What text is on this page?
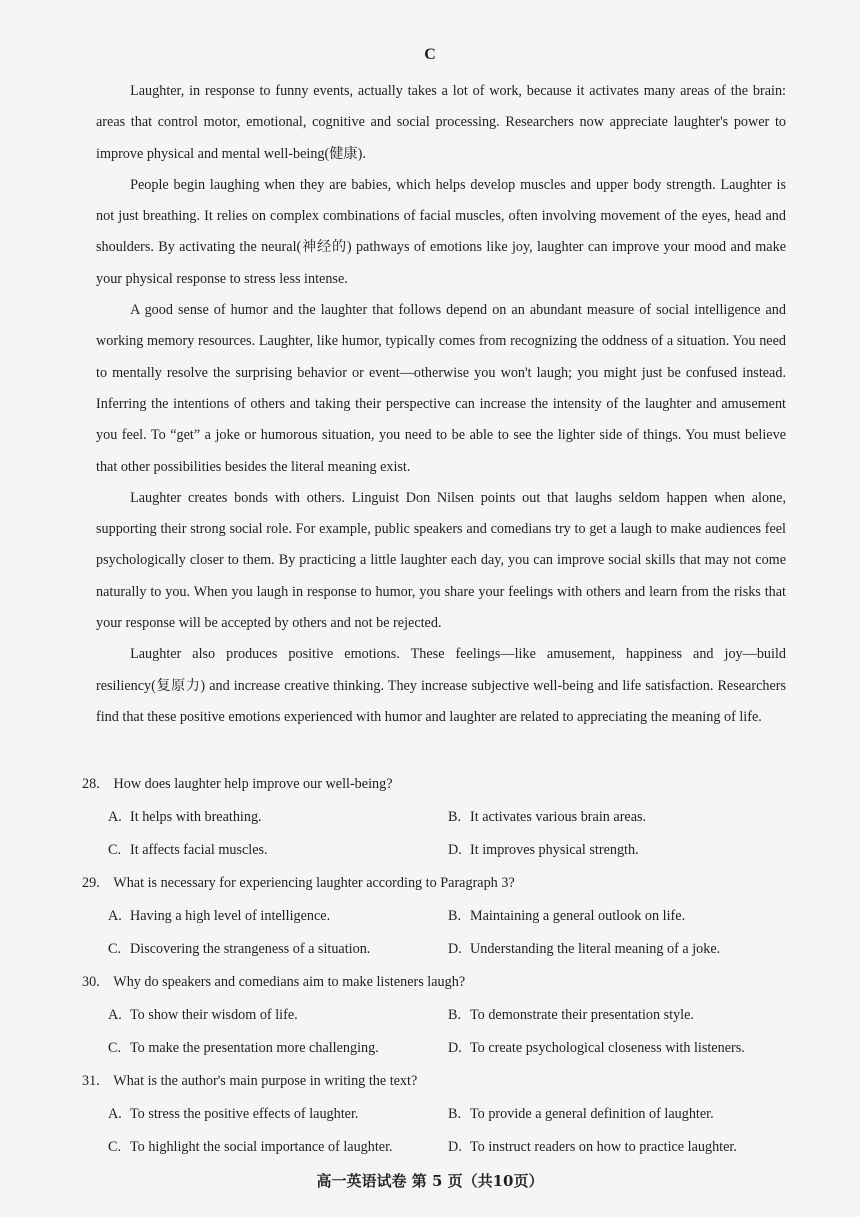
C

Laughter, in response to funny events, actually takes a lot of work, because it activates many areas of the brain: areas that control motor, emotional, cognitive and social processing. Researchers now appreciate laughter's power to improve physical and mental well-being(健康).

People begin laughing when they are babies, which helps develop muscles and upper body strength. Laughter is not just breathing. It relies on complex combinations of facial muscles, often involving movement of the eyes, head and shoulders. By activating the neural(神经的) pathways of emotions like joy, laughter can improve your mood and make your physical response to stress less intense.

A good sense of humor and the laughter that follows depend on an abundant measure of social intelligence and working memory resources. Laughter, like humor, typically comes from recognizing the oddness of a situation. You need to mentally resolve the surprising behavior or event—otherwise you won't laugh; you might just be confused instead. Inferring the intentions of others and taking their perspective can increase the intensity of the laughter and amusement you feel. To “get” a joke or humorous situation, you need to be able to see the lighter side of things. You must believe that other possibilities besides the literal meaning exist.

Laughter creates bonds with others. Linguist Don Nilsen points out that laughs seldom happen when alone, supporting their strong social role. For example, public speakers and comedians try to get a laugh to make audiences feel psychologically closer to them. By practicing a little laughter each day, you can improve social skills that may not come naturally to you. When you laugh in response to humor, you share your feelings with others and learn from the risks that your response will be accepted by others and not be rejected.

Laughter also produces positive emotions. These feelings—like amusement, happiness and joy—build resiliency(复原力) and increase creative thinking. They increase subjective well-being and life satisfaction. Researchers find that these positive emotions experienced with humor and laughter are related to appreciating the meaning of life.

28. How does laughter help improve our well-being?
A. It helps with breathing.	B. It activates various brain areas.
C. It affects facial muscles.	D. It improves physical strength.
29. What is necessary for experiencing laughter according to Paragraph 3?
A. Having a high level of intelligence.	B. Maintaining a general outlook on life.
C. Discovering the strangeness of a situation.	D. Understanding the literal meaning of a joke.
30. Why do speakers and comedians aim to make listeners laugh?
A. To show their wisdom of life.	B. To demonstrate their presentation style.
C. To make the presentation more challenging.	D. To create psychological closeness with listeners.
31. What is the author's main purpose in writing the text?
A. To stress the positive effects of laughter.	B. To provide a general definition of laughter.
C. To highlight the social importance of laughter.	D. To instruct readers on how to practice laughter.
高一英语试卷 第 5 页（共10页）
